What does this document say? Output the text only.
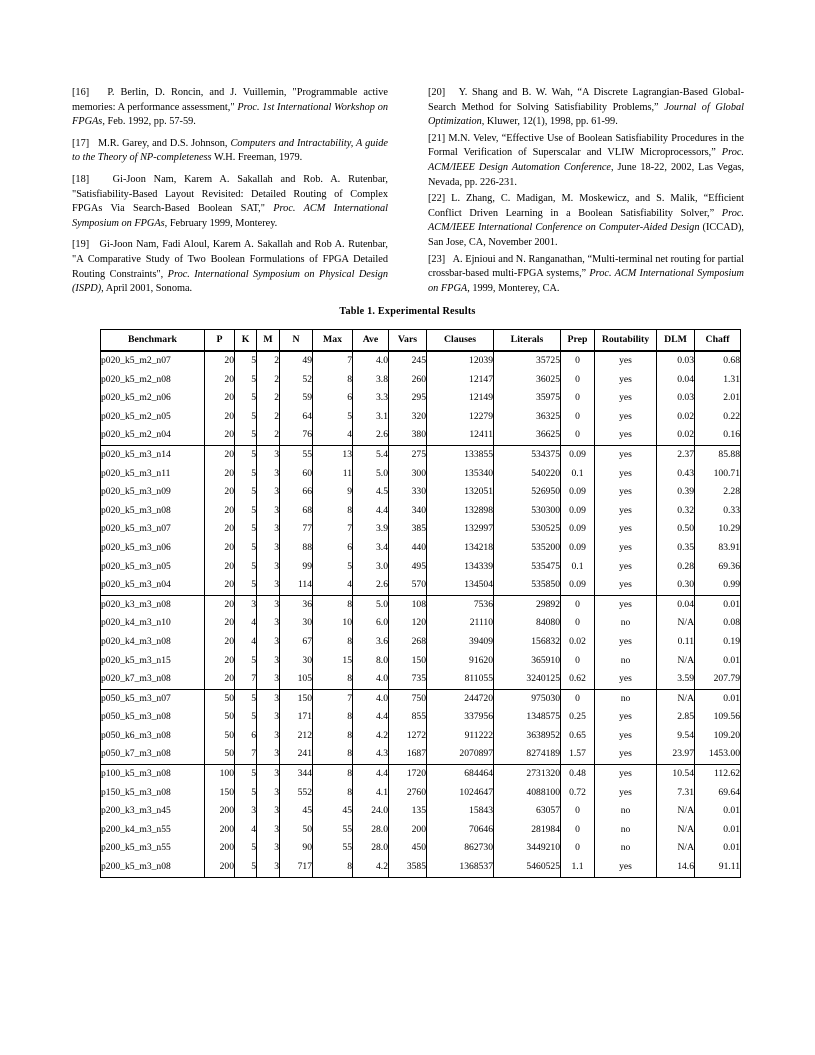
[16]   P. Berlin, D. Roncin, and J. Vuillemin, "Programmable active memories: A performance assessment," Proc. 1st International Workshop on FPGAs, Feb. 1992, pp. 57-59.
[17]   M.R. Garey, and D.S. Johnson, Computers and Intractability, A guide to the Theory of NP-completeness W.H. Freeman, 1979.
[18]   Gi-Joon Nam, Karem A. Sakallah and Rob. A. Rutenbar, "Satisfiability-Based Layout Revisited: Detailed Routing of Complex FPGAs Via Search-Based Boolean SAT," Proc. ACM International Symposium on FPGAs, February 1999, Monterey.
[19]   Gi-Joon Nam, Fadi Aloul, Karem A. Sakallah and Rob A. Rutenbar, "A Comparative Study of Two Boolean Formulations of FPGA Detailed Routing Constraints", Proc. International Symposium on Physical Design (ISPD), April 2001, Sonoma.
[20]   Y. Shang and B. W. Wah, “A Discrete Lagrangian-Based Global-Search Method for Solving Satisfiability Problems,” Journal of Global Optimization, Kluwer, 12(1), 1998, pp. 61-99.
[21] M.N. Velev, “Effective Use of Boolean Satisfiability Procedures in the Formal Verification of Superscalar and VLIW Microprocessors,” Proc. ACM/IEEE Design Automation Conference, June 18-22, 2002, Las Vegas, Nevada, pp. 226-231.
[22] L. Zhang, C. Madigan, M. Moskewicz, and S. Malik, “Efficient Conflict Driven Learning in a Boolean Satisfiability Solver,” Proc. ACM/IEEE International Conference on Computer-Aided Design (ICCAD), San Jose, CA, November 2001.
[23]   A. Ejnioui and N. Ranganathan, “Multi-terminal net routing for partial crossbar-based multi-FPGA systems,” Proc. ACM International Symposium on FPGA, 1999, Monterey, CA.
Table 1. Experimental Results
Benchmark	P	K	M	N	Max	Ave	Vars	Clauses	Literals	Prep	Routability	DLM	Chaff
p020_k5_m2_n07	20	5	2	49	7	4.0	245	12039	35725	0	yes	0.03	0.68
p020_k5_m2_n08	20	5	2	52	8	3.8	260	12147	36025	0	yes	0.04	1.31
p020_k5_m2_n06	20	5	2	59	6	3.3	295	12149	35975	0	yes	0.03	2.01
p020_k5_m2_n05	20	5	2	64	5	3.1	320	12279	36325	0	yes	0.02	0.22
p020_k5_m2_n04	20	5	2	76	4	2.6	380	12411	36625	0	yes	0.02	0.16
p020_k5_m3_n14	20	5	3	55	13	5.4	275	133855	534375	0.09	yes	2.37	85.88
p020_k5_m3_n11	20	5	3	60	11	5.0	300	135340	540220	0.1	yes	0.43	100.71
p020_k5_m3_n09	20	5	3	66	9	4.5	330	132051	526950	0.09	yes	0.39	2.28
p020_k5_m3_n08	20	5	3	68	8	4.4	340	132898	530300	0.09	yes	0.32	0.33
p020_k5_m3_n07	20	5	3	77	7	3.9	385	132997	530525	0.09	yes	0.50	10.29
p020_k5_m3_n06	20	5	3	88	6	3.4	440	134218	535200	0.09	yes	0.35	83.91
p020_k5_m3_n05	20	5	3	99	5	3.0	495	134339	535475	0.1	yes	0.28	69.36
p020_k5_m3_n04	20	5	3	114	4	2.6	570	134504	535850	0.09	yes	0.30	0.99
p020_k3_m3_n08	20	3	3	36	8	5.0	108	7536	29892	0	yes	0.04	0.01
p020_k4_m3_n10	20	4	3	30	10	6.0	120	21110	84080	0	no	N/A	0.08
p020_k4_m3_n08	20	4	3	67	8	3.6	268	39409	156832	0.02	yes	0.11	0.19
p020_k5_m3_n15	20	5	3	30	15	8.0	150	91620	365910	0	no	N/A	0.01
p020_k7_m3_n08	20	7	3	105	8	4.0	735	811055	3240125	0.62	yes	3.59	207.79
p050_k5_m3_n07	50	5	3	150	7	4.0	750	244720	975030	0	no	N/A	0.01
p050_k5_m3_n08	50	5	3	171	8	4.4	855	337956	1348575	0.25	yes	2.85	109.56
p050_k6_m3_n08	50	6	3	212	8	4.2	1272	911222	3638952	0.65	yes	9.54	109.20
p050_k7_m3_n08	50	7	3	241	8	4.3	1687	2070897	8274189	1.57	yes	23.97	1453.00
p100_k5_m3_n08	100	5	3	344	8	4.4	1720	684464	2731320	0.48	yes	10.54	112.62
p150_k5_m3_n08	150	5	3	552	8	4.1	2760	1024647	4088100	0.72	yes	7.31	69.64
p200_k3_m3_n45	200	3	3	45	45	24.0	135	15843	63057	0	no	N/A	0.01
p200_k4_m3_n55	200	4	3	50	55	28.0	200	70646	281984	0	no	N/A	0.01
p200_k5_m3_n55	200	5	3	90	55	28.0	450	862730	3449210	0	no	N/A	0.01
p200_k5_m3_n08	200	5	3	717	8	4.2	3585	1368537	5460525	1.1	yes	14.6	91.11
